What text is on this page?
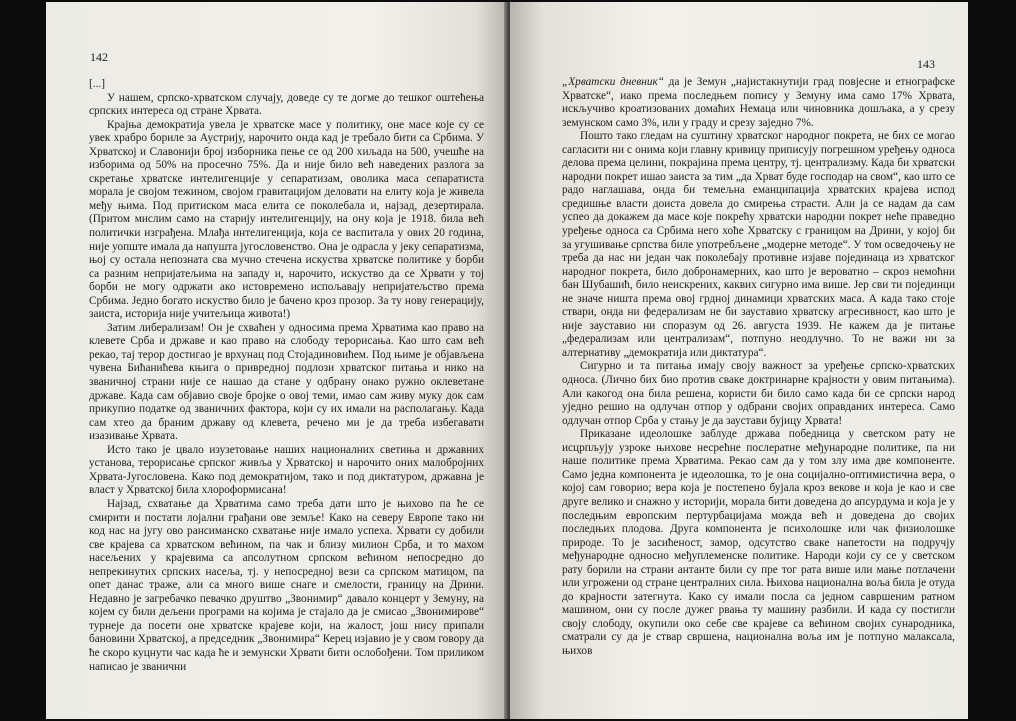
142

[...]

У нашем, српско-хрватском случају, доведе су те догме до тешког оштећења српских интереса од стране Хрвата.

Крајња демократија увела је хрватске масе у политику, оне масе које су се увек храбро бориле за Аустрију, нарочито онда кад је требало бити са Србима. У Хрватској и Славонији број изборника пење се од 200 хиљада на 500, учешће на изборима од 50% на просечно 75%. Да и није било већ наведених разлога за скретање хрватске интелигенције у сепаратизам, оволика маса сепаратиста морала је својом тежином, својом гравитацијом деловати на елиту која је живела међу њима. Под притиском маса елита се поколебала и, најзад, дезертирала. (Притом мислим само на старију интелигенцију, на ону која је 1918. била већ политички изграђена. Млађа интелигенција, која се васпитала у ових 20 година, није уопште имала да напушта југословенство. Она је одрасла у јеку сепаратизма, њој су остала непозната сва мучно стечена искуства хрватске политике у борби са разним непријатељима на западу и, нарочито, искуство да се Хрвати у тој борби не могу одржати ако истовремено испољавају непријатељство према Србима. Једно богато искуство било је бачено кроз прозор. За ту нову генерацију, заиста, историја није учитељица живота!)

Затим либерализам! Он је схваћен у односима према Хрватима као право на клевете Срба и државе и као право на слободу терорисања. Као што сам већ рекао, тај терор достигао је врхунац под Стојадиновићем. Под њиме је објављена чувена Бићанићева књига о привредној подлози хрватског питања и нико на званичној страни није се нашао да стане у одбрану онако ружно оклеветане државе. Када сам објавио своје бројке о овој теми, имао сам живу муку док сам прикупио податке од званичних фактора, који су их имали на располагању. Када сам хтео да браним државу од клевета, речено ми је да треба избегавати изазивање Хрвата.

Исто тако је цвало изузетовање наших националних светиња и државних установа, терорисање српског живља у Хрватској и нарочито оних малобројних Хрвата-Југословена. Како под демократијом, тако и под диктатуром, државна је власт у Хрватској била хлороформисана!

Најзад, схватање да Хрватима само треба дати што је њихово па ће се смирити и постати лојални грађани ове земље! Како на северу Европе тако ни код нас на југу ово рансиманско схватање није имало успеха. Хрвати су добили све крајева са хрватском већином, па чак и близу милион Срба, и то махом насељених у крајевима са апсолутном српском већином непосредно до непрекинутих српских насеља, тј. у непосредној вези са српском матицом, па опет данас траже, али са много више снаге и смелости, границу на Дрини. Недавно је загребачко певачко друштво „Звонимир“ давало концерт у Земуну, на којем су били дељени програми на којима је стајало да је смисао „Звонимирове“ турнеје да посети оне хрватске крајеве који, на жалост, још нису припали бановини Хрватској, а председник „Звонимира“ Керец изјавио је у свом говору да ће скоро куцнути час када ће и земунски Хрвати бити ослобођени. Том приликом написао је званични

143

„Хрватски дневник“ да је Земун „најистакнутији град повјесне и етнографске Хрватске“, иако према последњем попису у Земуну има само 17% Хрвата, искључиво кроатизованих домаћих Немаца или чиновника дошљака, а у срезу земунском само 3%, или у граду и срезу заједно 7%.

Пошто тако гледам на суштину хрватског народног покрета, не бих се могао сагласити ни с онима који главну кривицу приписују погрешном уређењу односа делова према целини, покрајина према центру, тј. централизму. Када би хрватски народни покрет ишао заиста за тим „да Хрват буде господар на свом“, као што се радо наглашава, онда би темељна еманципација хрватских крајева испод средишње власти доиста довела до смирења страсти. Али ја се надам да сам успео да докажем да масе које покрећу хрватски народни покрет неће праведно уређење односа са Србима него хоће Хрватску с границом на Дрини, у којој би за угушивање српства биле употребљене „модерне методе“. У том осведочењу не треба да нас ни један чак поколебају противне изјаве појединаца из хрватског народног покрета, било добронамерних, као што је вероватно – скроз немоћни бан Шубашић, било неискрених, каквих сигурно има више. Јер сви ти појединци не значе ништа према овој грдној динамици хрватских маса. А када тако стоје ствари, онда ни федерализам не би зауставио хрватску агресивност, као што је није зауставио ни споразум од 26. августа 1939. Не кажем да је питање „федерализам или централизам“, потпуно неодлучно. То не важи ни за алтернативу „демократија или диктатура“.

Сигурно и та питања имају своју важност за уређење српско-хрватских односа. (Лично бих био против сваке доктринарне крајности у овим питањима). Али какогод она била решена, користи би било само када би се српски народ уједно решио на одлучан отпор у одбрани својих оправданих интереса. Само одлучан отпор Срба у стању је да заустави бујицу Хрвата!

Приказане идеолошке заблуде држава победница у светском рату не исцрпљују узроке њихове несрећне послератне међународне политике, па ни наше политике према Хрватима. Рекао сам да у том злу има две компоненте. Само једна компонента је идеолошка, то је она социјално-оптимистична вера, о којој сам говорио; вера која је постепено бујала кроз векове и која је као и све друге велико и снажно у историји, морала бити доведена до апсурдума и која је у последњим европским пертурбацијама можда већ и доведена до својих последњих плодова. Друга компонента је психолошке или чак физиолошке природе. То је засићеност, замор, одсутство сваке напетости на подручју међународне односно међуплеменске политике. Народи који су се у светском рату борили на страни антанте били су пре тог рата више или мање потлачени или угрожени од стране централних сила. Њихова национална воља била је отуда до крајности затегнута. Како су имали посла са једном савршеним ратном машином, они су после дужег рвања ту машину разбили. И када су постигли своју слободу, окупили око себе све крајеве са већином својих сународника, сматрали су да је ствар свршена, национална воља им је потпуно малаксала, њихов
